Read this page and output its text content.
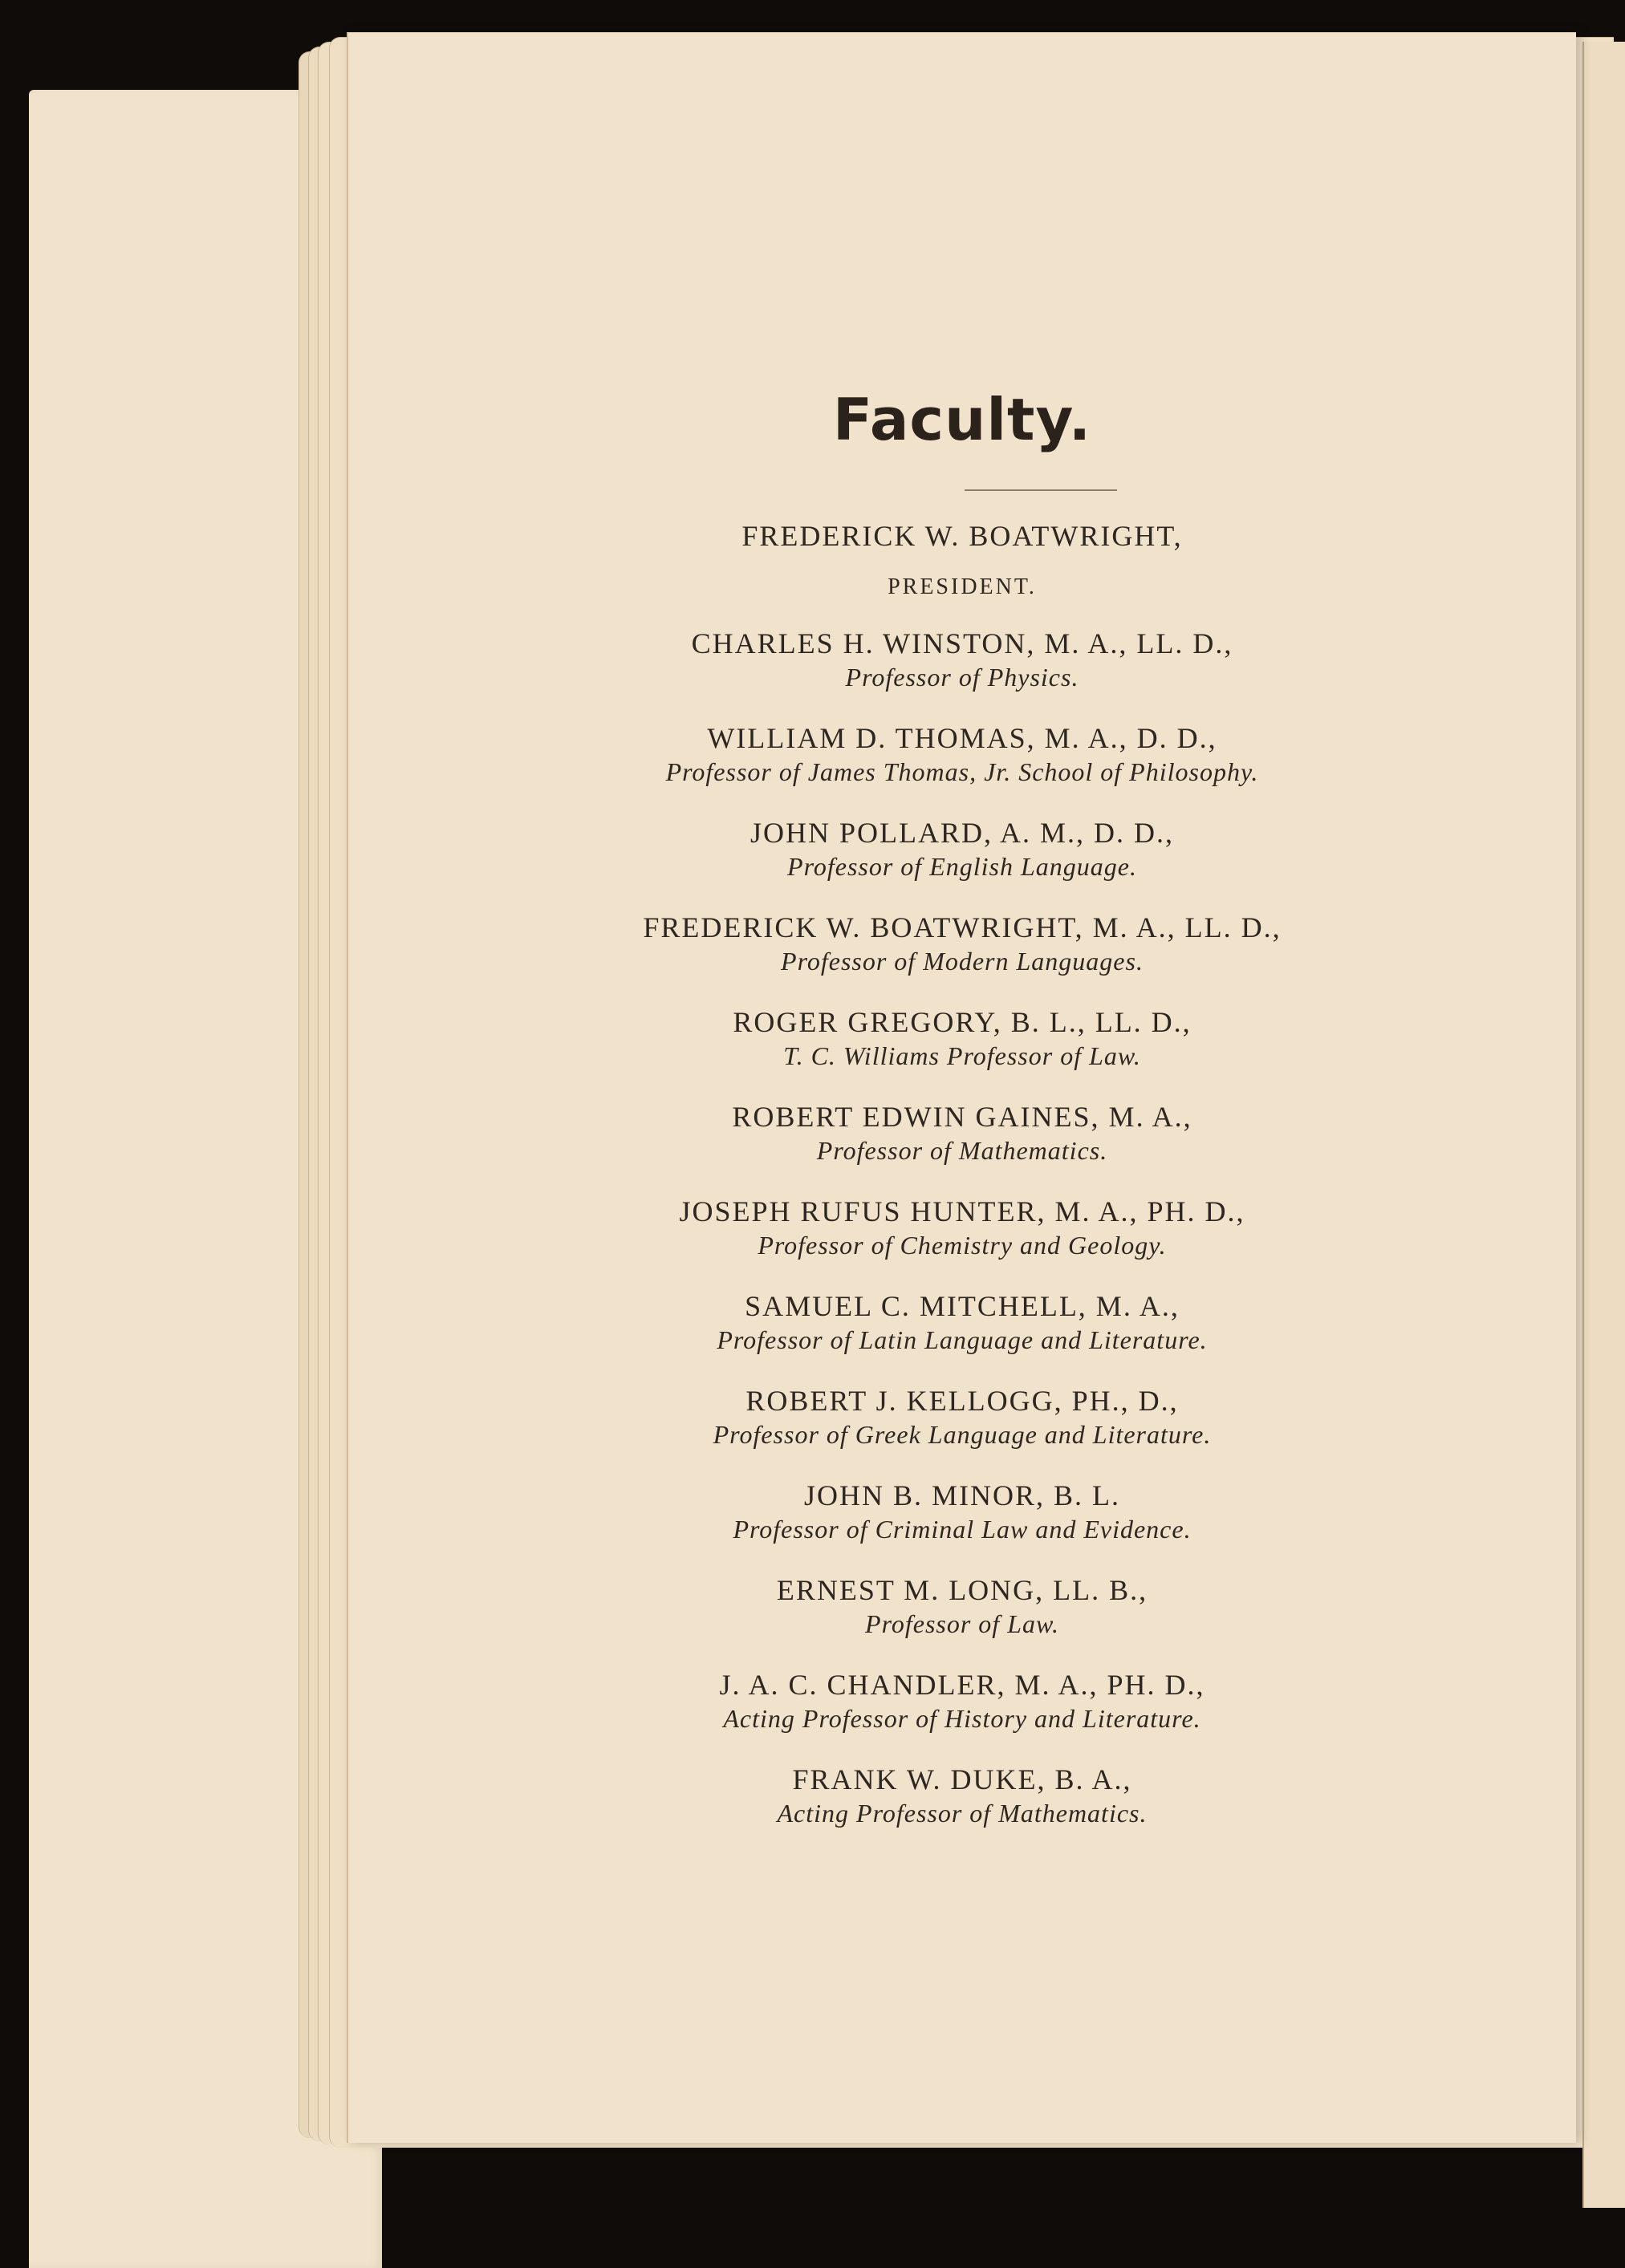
Faculty.
FREDERICK W. BOATWRIGHT,
PRESIDENT.
CHARLES H. WINSTON, M. A., LL. D.,
Professor of Physics.
WILLIAM D. THOMAS, M. A., D. D.,
Professor of James Thomas, Jr. School of Philosophy.
JOHN POLLARD, A. M., D. D.,
Professor of English Language.
FREDERICK W. BOATWRIGHT, M. A., LL. D.,
Professor of Modern Languages.
ROGER GREGORY, B. L., LL. D.,
T. C. Williams Professor of Law.
ROBERT EDWIN GAINES, M. A.,
Professor of Mathematics.
JOSEPH RUFUS HUNTER, M. A., PH. D.,
Professor of Chemistry and Geology.
SAMUEL C. MITCHELL, M. A.,
Professor of Latin Language and Literature.
ROBERT J. KELLOGG, PH., D.,
Professor of Greek Language and Literature.
JOHN B. MINOR, B. L.
Professor of Criminal Law and Evidence.
ERNEST M. LONG, LL. B.,
Professor of Law.
J. A. C. CHANDLER, M. A., PH. D.,
Acting Professor of History and Literature.
FRANK W. DUKE, B. A.,
Acting Professor of Mathematics.
